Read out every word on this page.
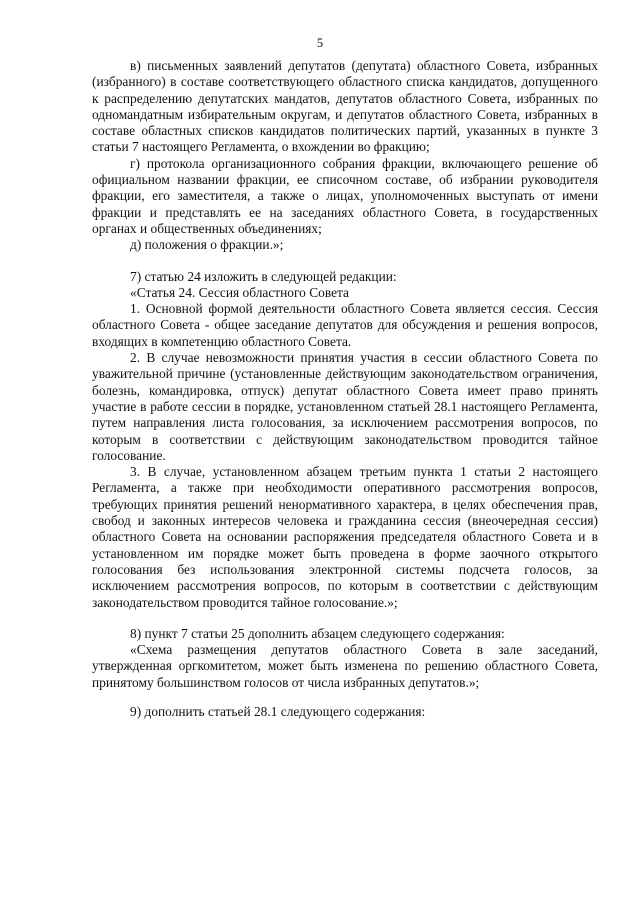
5

в) письменных заявлений депутатов (депутата) областного Совета, избранных (избранного) в составе соответствующего областного списка кандидатов, допущенного к распределению депутатских мандатов, депутатов областного Совета, избранных по одномандатным избирательным округам, и депутатов областного Совета, избранных в составе областных списков кандидатов политических партий, указанных в пункте 3 статьи 7 настоящего Регламента, о вхождении во фракцию;

г) протокола организационного собрания фракции, включающего решение об официальном названии фракции, ее списочном составе, об избрании руководителя фракции, его заместителя, а также о лицах, уполномоченных выступать от имени фракции и представлять ее на заседаниях областного Совета, в государственных органах и общественных объединениях;

д) положения о фракции.»;

7) статью 24 изложить в следующей редакции:

«Статья 24. Сессия областного Совета

1. Основной формой деятельности областного Совета является сессия. Сессия областного Совета - общее заседание депутатов для обсуждения и решения вопросов, входящих в компетенцию областного Совета.

2. В случае невозможности принятия участия в сессии областного Совета по уважительной причине (установленные действующим законодательством ограничения, болезнь, командировка, отпуск) депутат областного Совета имеет право принять участие в работе сессии в порядке, установленном статьей 28.1 настоящего Регламента, путем направления листа голосования, за исключением рассмотрения вопросов, по которым в соответствии с действующим законодательством проводится тайное голосование.

3. В случае, установленном абзацем третьим пункта 1 статьи 2 настоящего Регламента, а также при необходимости оперативного рассмотрения вопросов, требующих принятия решений ненормативного характера, в целях обеспечения прав, свобод и законных интересов человека и гражданина сессия (внеочередная сессия) областного Совета на основании распоряжения председателя областного Совета и в установленном им порядке может быть проведена в форме заочного открытого голосования без использования электронной системы подсчета голосов, за исключением рассмотрения вопросов, по которым в соответствии с действующим законодательством проводится тайное голосование.»;

8) пункт 7 статьи 25 дополнить абзацем следующего содержания:

«Схема размещения депутатов областного Совета в зале заседаний, утвержденная оргкомитетом, может быть изменена по решению областного Совета, принятому большинством голосов от числа избранных депутатов.»;

9) дополнить статьей 28.1 следующего содержания:
